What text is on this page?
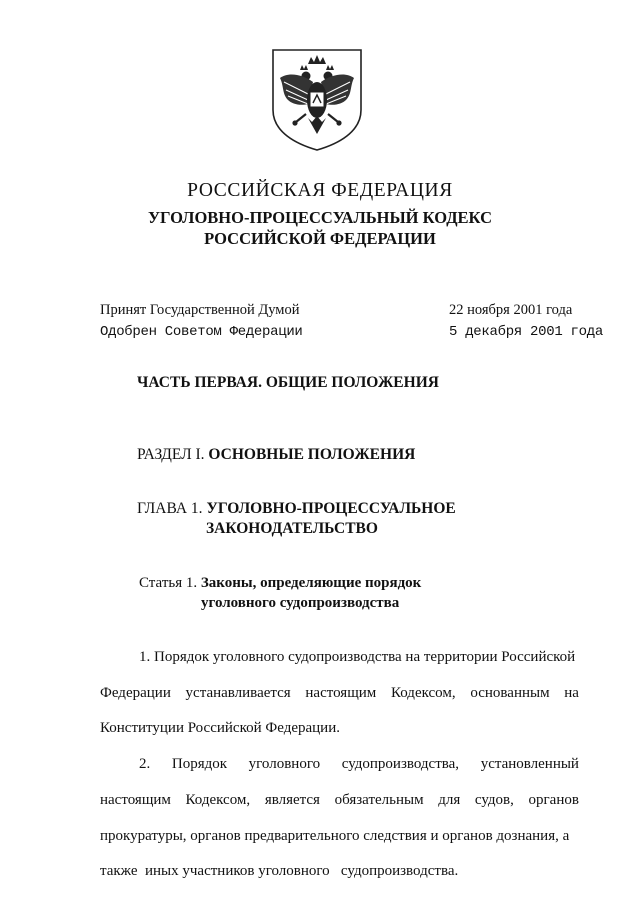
РОССИЙСКАЯ ФЕДЕРАЦИЯ
УГОЛОВНО-ПРОЦЕССУАЛЬНЫЙ КОДЕКС
РОССИЙСКОЙ ФЕДЕРАЦИИ
Принят Государственной Думой	22 ноября 2001 года
Одобрен Советом Федерации	5 декабря 2001 года
ЧАСТЬ ПЕРВАЯ. ОБЩИЕ ПОЛОЖЕНИЯ
РАЗДЕЛ I. ОСНОВНЫЕ ПОЛОЖЕНИЯ
ГЛАВА 1. УГОЛОВНО-ПРОЦЕССУАЛЬНОЕ
ЗАКОНОДАТЕЛЬСТВО
Статья 1. Законы, определяющие порядок
уголовного судопроизводства
1. Порядок уголовного судопроизводства на территории Российской
Федерации устанавливается настоящим Кодексом, основанным на
Конституции Российской Федерации.
2. Порядок уголовного судопроизводства, установленный
настоящим Кодексом, является обязательным для судов, органов
прокуратуры, органов предварительного следствия и органов дознания, а
также  иных участников уголовного   судопроизводства.
